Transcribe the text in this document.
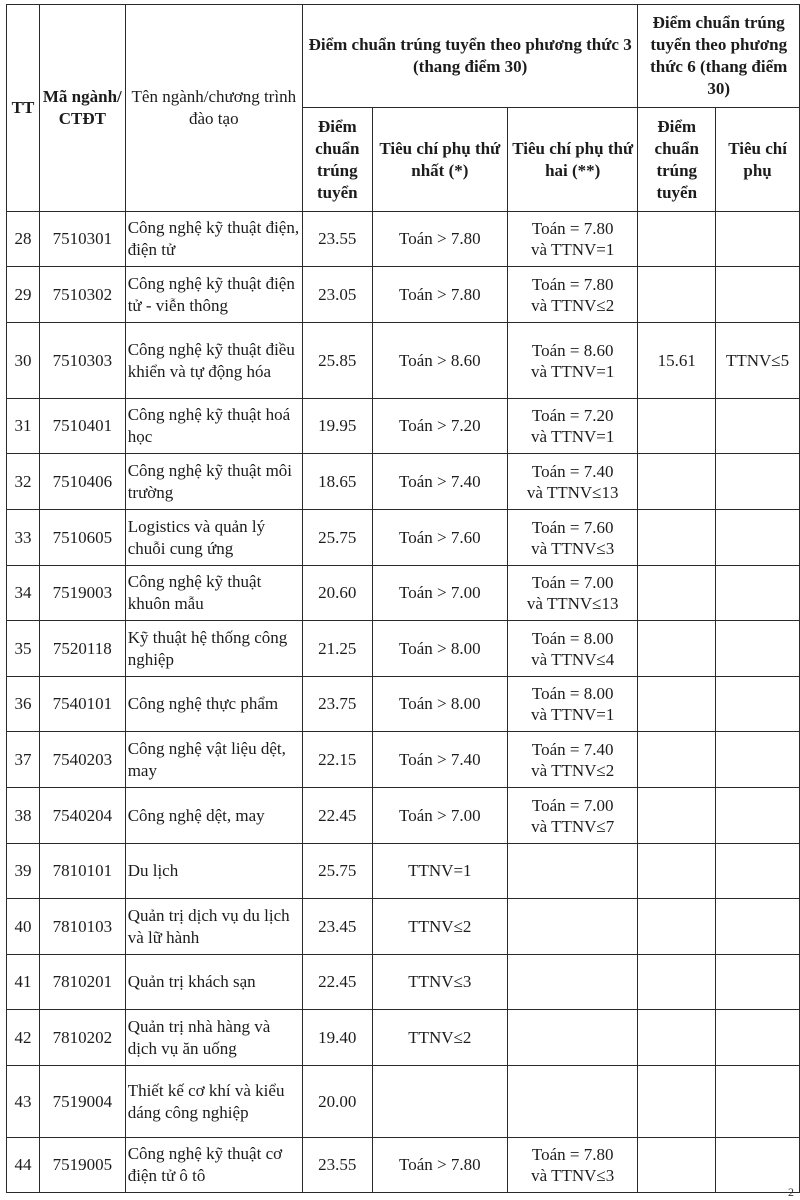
TT	Mã ngành/ CTĐT	Tên ngành/chương trình đào tạo	Điểm chuẩn trúng tuyển theo phương thức 3 (thang điểm 30)			Điểm chuẩn trúng tuyển theo phương thức 6 (thang điểm 30)	
			Điểm chuẩn trúng tuyển	Tiêu chí phụ thứ nhất (*)	Tiêu chí phụ thứ hai (**)	Điểm chuẩn trúng tuyển	Tiêu chí phụ
28	7510301	Công nghệ kỹ thuật điện, điện tử	23.55	Toán > 7.80	Toán = 7.80
và TTNV=1		

29	7510302	Công nghệ kỹ thuật điện tử - viễn thông	23.05	Toán > 7.80	Toán = 7.80
và TTNV≤2		

30	7510303	Công nghệ kỹ thuật điều khiển và tự động hóa	25.85	Toán > 8.60	Toán = 8.60
và TTNV=1	15.61	TTNV≤5
31	7510401	Công nghệ kỹ thuật hoá học	19.95	Toán > 7.20	Toán = 7.20
và TTNV=1		

32	7510406	Công nghệ kỹ thuật môi trường	18.65	Toán > 7.40	Toán = 7.40
và TTNV≤13		

33	7510605	Logistics và quản lý chuỗi cung ứng	25.75	Toán > 7.60	Toán = 7.60
và TTNV≤3		

34	7519003	Công nghệ kỹ thuật khuôn mẫu	20.60	Toán > 7.00	Toán = 7.00
và TTNV≤13		

35	7520118	Kỹ thuật hệ thống công nghiệp	21.25	Toán > 8.00	Toán = 8.00
và TTNV≤4		

36	7540101	Công nghệ thực phẩm	23.75	Toán > 8.00	Toán = 8.00
và TTNV=1		

37	7540203	Công nghệ vật liệu dệt, may	22.15	Toán > 7.40	Toán = 7.40
và TTNV≤2		

38	7540204	Công nghệ dệt, may	22.45	Toán > 7.00	Toán = 7.00
và TTNV≤7		

39	7810101	Du lịch	25.75	TTNV=1	

40	7810103	Quản trị dịch vụ du lịch và lữ hành	23.45	TTNV≤2	

41	7810201	Quản trị khách sạn	22.45	TTNV≤3	

42	7810202	Quản trị nhà hàng và dịch vụ ăn uống	19.40	TTNV≤2	

43	7519004	Thiết kế cơ khí và kiểu dáng công nghiệp	20.00		

44	7519005	Công nghệ kỹ thuật cơ điện tử ô tô	23.55	Toán > 7.80	Toán = 7.80
và TTNV≤3		

2
